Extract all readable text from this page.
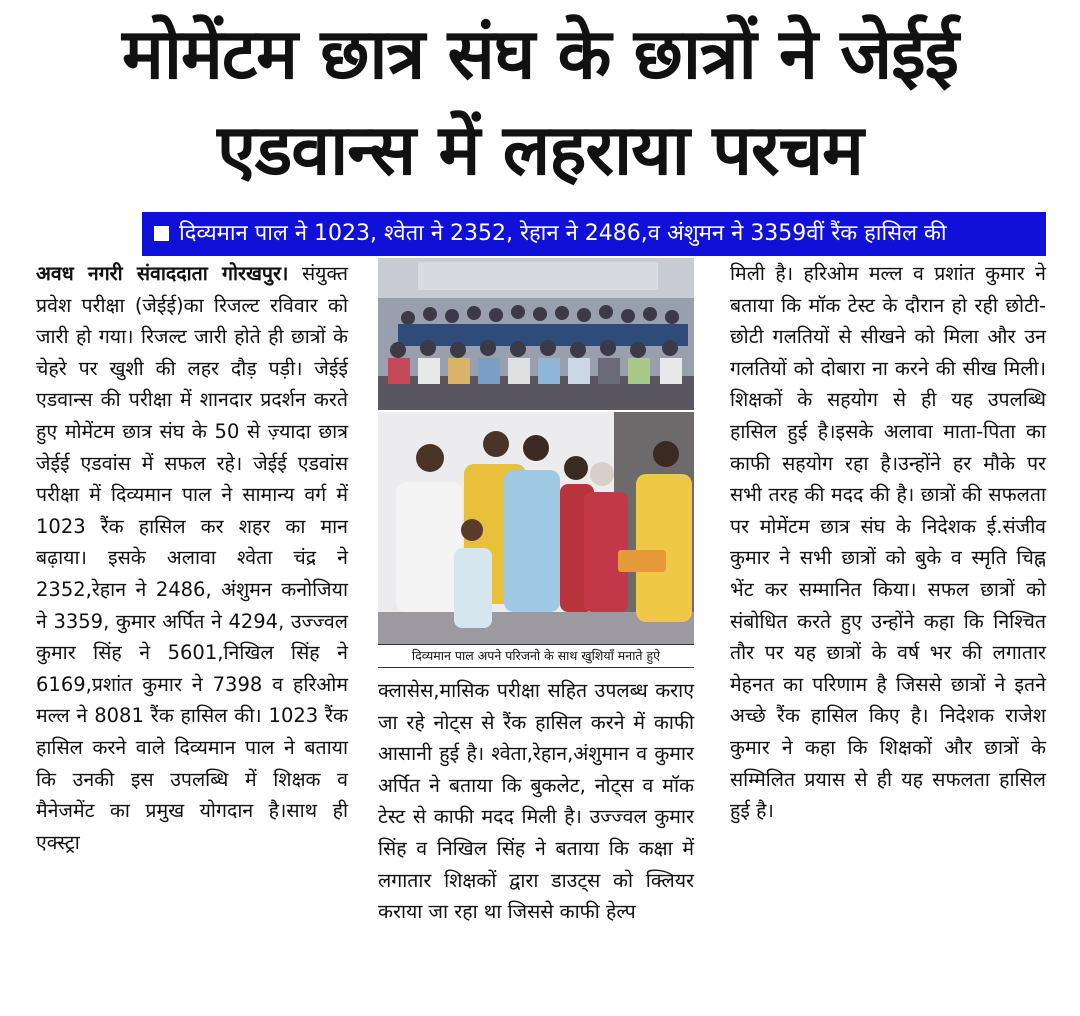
मोमेंटम छात्र संघ के छात्रों ने जेईई
एडवान्स में लहराया परचम
दिव्यमान पाल ने 1023, श्वेता ने 2352, रेहान ने 2486,व अंशुमन ने 3359वीं रैंक हासिल की
अवध नगरी संवाददाता गोरखपुर। संयुक्त प्रवेश परीक्षा (जेईई)का रिजल्ट रविवार को जारी हो गया। रिजल्ट जारी होते ही छात्रों के चेहरे पर खुशी की लहर दौड़ पड़ी। जेईई एडवान्स की परीक्षा में शानदार प्रदर्शन करते हुए मोमेंटम छात्र संघ के 50 से ज़्यादा छात्र जेईई एडवांस में सफल रहे। जेईई एडवांस परीक्षा में दिव्यमान पाल ने सामान्य वर्ग में 1023 रैंक हासिल कर शहर का मान बढ़ाया। इसके अलावा श्वेता चंद्र ने 2352,रेहान ने 2486, अंशुमन कनोजिया ने 3359, कुमार अर्पित ने 4294, उज्ज्वल कुमार सिंह ने 5601,निखिल सिंह ने 6169,प्रशांत कुमार ने 7398 व हरिओम मल्ल ने 8081 रैंक हासिल की। 1023 रैंक हासिल करने वाले दिव्यमान पाल ने बताया कि उनकी इस उपलब्धि में शिक्षक व मैनेजमेंट का प्रमुख योगदान है।साथ ही एक्स्ट्रा
दिव्यमान पाल अपने परिजनो के साथ खुशियाँ मनाते हुऐ
क्लासेस,मासिक परीक्षा सहित उपलब्ध कराए जा रहे नोट्स से रैंक हासिल करने में काफी आसानी हुई है। श्वेता,रेहान,अंशुमान व कुमार अर्पित ने बताया कि बुकलेट, नोट्स व मॉक टेस्ट से काफी मदद मिली है। उज्ज्वल कुमार सिंह व निखिल सिंह ने बताया कि कक्षा में लगातार शिक्षकों द्वारा डाउट्स को क्लियर कराया जा रहा था जिससे काफी हेल्प
मिली है। हरिओम मल्ल व प्रशांत कुमार ने बताया कि मॉक टेस्ट के दौरान हो रही छोटी-छोटी गलतियों से सीखने को मिला और उन गलतियों को दोबारा ना करने की सीख मिली।शिक्षकों के सहयोग से ही यह उपलब्धि हासिल हुई है।इसके अलावा माता-पिता का काफी सहयोग रहा है।उन्होंने हर मौके पर सभी तरह की मदद की है। छात्रों की सफलता पर मोमेंटम छात्र संघ के निदेशक ई.संजीव कुमार ने सभी छात्रों को बुके व स्मृति चिह्न भेंट कर सम्मानित किया। सफल छात्रों को संबोधित करते हुए उन्होंने कहा कि निश्चित तौर पर यह छात्रों के वर्ष भर की लगातार मेहनत का परिणाम है जिससे छात्रों ने इतने अच्छे रैंक हासिल किए है। निदेशक राजेश कुमार ने कहा कि शिक्षकों और छात्रों के सम्मिलित प्रयास से ही यह सफलता हासिल हुई है।
